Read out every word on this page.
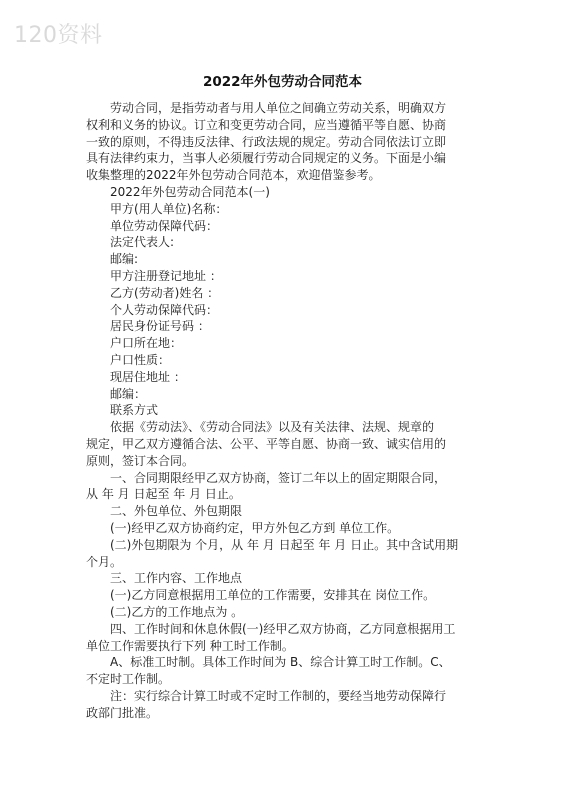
120资料
2022年外包劳动合同范本

劳动合同，是指劳动者与用人单位之间确立劳动关系，明确双方

权利和义务的协议。订立和变更劳动合同，应当遵循平等自愿、协商

一致的原则，不得违反法律、行政法规的规定。劳动合同依法订立即

具有法律约束力，当事人必须履行劳动合同规定的义务。下面是小编

收集整理的2022年外包劳动合同范本，欢迎借鉴参考。

2022年外包劳动合同范本(一)

甲方(用人单位)名称：

单位劳动保障代码：

法定代表人:

邮编:

甲方注册登记地址 ：

乙方(劳动者)姓名 ：

个人劳动保障代码：

居民身份证号码 ：

户口所在地：

户口性质：

现居住地址 ：

邮编：

联系方式

依据《劳动法》、《劳动合同法》以及有关法律、法规、规章的

规定，甲乙双方遵循合法、公平、平等自愿、协商一致、诚实信用的

原则，签订本合同。

一、合同期限经甲乙双方协商，签订二年以上的固定期限合同，

从 年 月 日起至 年 月 日止。

二、外包单位、外包期限

(一)经甲乙双方协商约定，甲方外包乙方到 单位工作。

(二)外包期限为 个月，从 年 月 日起至 年 月 日止。其中含试用期

个月。

三、工作内容、工作地点

(一)乙方同意根据用工单位的工作需要，安排其在 岗位工作。

(二)乙方的工作地点为 。

四、工作时间和休息休假(一)经甲乙双方协商，乙方同意根据用工

单位工作需要执行下列 种工时工作制。

A、标准工时制。具体工作时间为 B、综合计算工时工作制。C、

不定时工作制。

注：实行综合计算工时或不定时工作制的，要经当地劳动保障行

政部门批准。
